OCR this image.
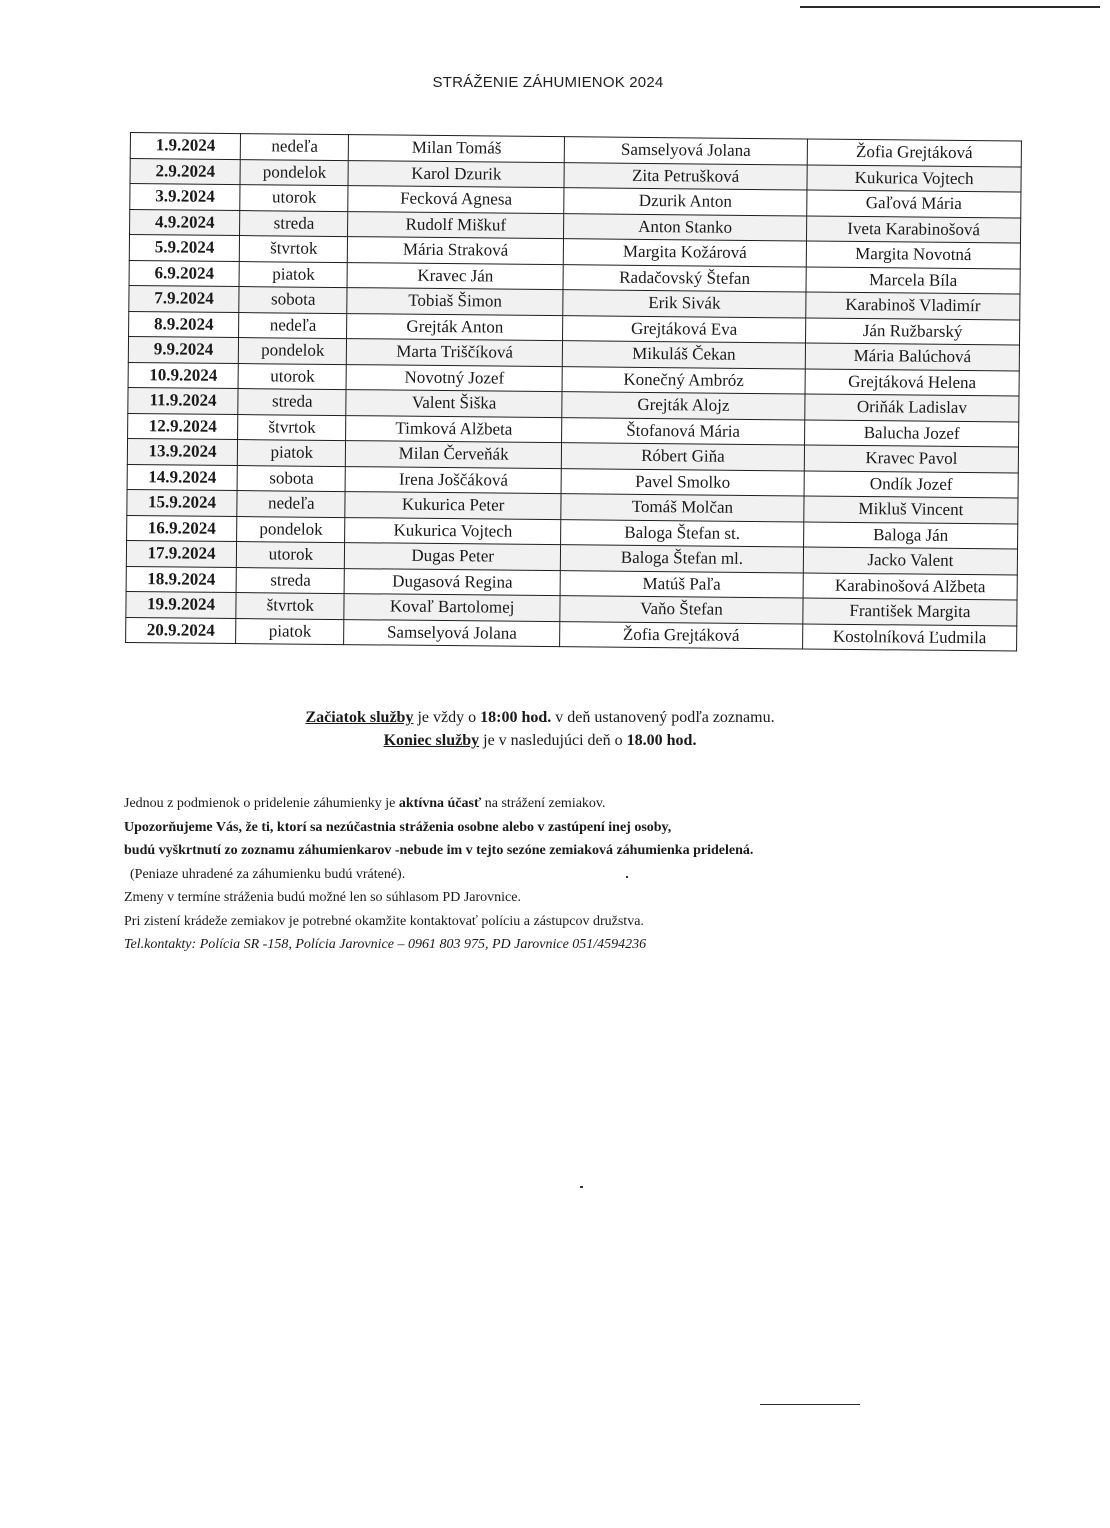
STRÁŽENIE ZÁHUMIENOK 2024
1.9.2024	nedeľa	Milan Tomáš	Samselyová Jolana	Žofia Grejtáková
2.9.2024	pondelok	Karol Dzurik	Zita Petrušková	Kukurica Vojtech
3.9.2024	utorok	Fecková Agnesa	Dzurik Anton	Gaľová Mária
4.9.2024	streda	Rudolf Miškuf	Anton Stanko	Iveta Karabinošová
5.9.2024	štvrtok	Mária Straková	Margita Kožárová	Margita Novotná
6.9.2024	piatok	Kravec Ján	Radačovský Štefan	Marcela Bíla
7.9.2024	sobota	Tobiaš Šimon	Erik Sivák	Karabinoš Vladimír
8.9.2024	nedeľa	Grejták Anton	Grejtáková Eva	Ján Ružbarský
9.9.2024	pondelok	Marta Triščíková	Mikuláš Čekan	Mária Balúchová
10.9.2024	utorok	Novotný Jozef	Konečný Ambróz	Grejtáková Helena
11.9.2024	streda	Valent Šiška	Grejták Alojz	Oriňák Ladislav
12.9.2024	štvrtok	Timková Alžbeta	Štofanová Mária	Balucha Jozef
13.9.2024	piatok	Milan Červeňák	Róbert Giňa	Kravec Pavol
14.9.2024	sobota	Irena Joščáková	Pavel Smolko	Ondík Jozef
15.9.2024	nedeľa	Kukurica Peter	Tomáš Molčan	Mikluš Vincent
16.9.2024	pondelok	Kukurica Vojtech	Baloga Štefan st.	Baloga Ján
17.9.2024	utorok	Dugas Peter	Baloga Štefan ml.	Jacko Valent
18.9.2024	streda	Dugasová Regina	Matúš Paľa	Karabinošová Alžbeta
19.9.2024	štvrtok	Kovaľ Bartolomej	Vaňo Štefan	František Margita
20.9.2024	piatok	Samselyová Jolana	Žofia Grejtáková	Kostolníková Ľudmila
Začiatok služby je vždy o 18:00 hod. v deň ustanovený podľa zoznamu.
Koniec služby je v nasledujúci deň o 18.00 hod.
Jednou z podmienok o pridelenie záhumienky je aktívna účasť na strážení zemiakov.
Upozorňujeme Vás, že ti, ktorí sa nezúčastnia stráženia osobne alebo v zastúpení inej osoby,
budú vyškrtnutí zo zoznamu záhumienkarov -nebude im v tejto sezóne zemiaková záhumienka pridelená.
(Peniaze uhradené za záhumienku budú vrátené).
Zmeny v termíne stráženia budú možné len so súhlasom PD Jarovnice.
Pri zistení krádeže zemiakov je potrebné okamžite kontaktovať políciu a zástupcov družstva.
Tel.kontakty: Polícia SR -158, Polícia Jarovnice – 0961 803 975, PD Jarovnice 051/4594236
